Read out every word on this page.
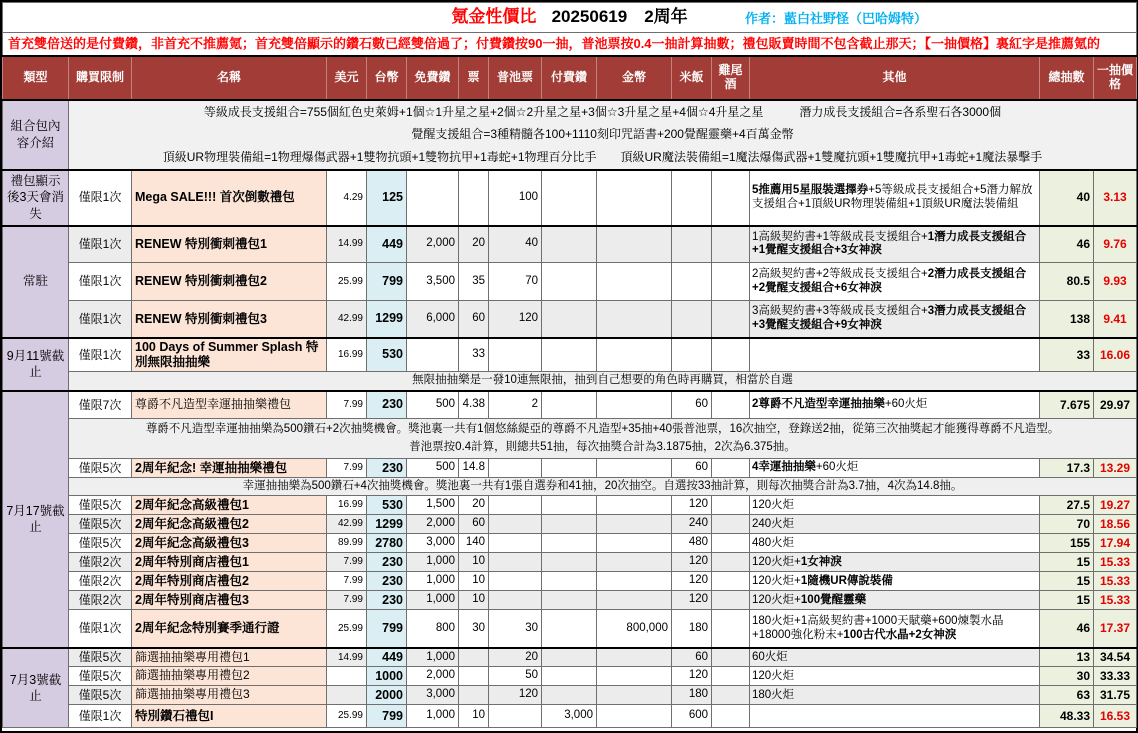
氪金性價比 20250619　2周年 作者：藍白社野怪（巴哈姆特）														

首充雙倍送的是付費鑽，非首充不推薦氪；首充雙倍顯示的鑽石數已經雙倍過了；付費鑽按90一抽，普池票按0.4一抽計算抽數；禮包販賣時間不包含截止那天；【一抽價格】裏紅字是推薦氪的														
類型	購買限制	名稱	美元	台幣	免費鑽	票	普池票	付費鑽	金幣	米飯	雞尾酒	其他	總抽數	一抽價格
組合包內容介紹	等級成長支援組合=755個紅色史萊姆+1個☆1升星之星+2個☆2升星之星+3個☆3升星之星+4個☆4升星之星　　　潛力成長支援組合=各系聖石各3000個
覺醒支援組合=3種精髓各100+1110刻印咒語書+200覺醒靈藥+4百萬金幣
頂級UR物理裝備組=1物理爆傷武器+1雙物抗頭+1雙物抗甲+1毒蛇+1物理百分比手　　頂級UR魔法裝備組=1魔法爆傷武器+1雙魔抗頭+1雙魔抗甲+1毒蛇+1魔法暴擊手													

禮包顯示後3天會消失	僅限1次	Mega SALE!!! 首次倒數禮包	4.29	125			100					5推薦用5星服裝選擇券+5等級成長支援組合+5潛力解放支援組合+1頂級UR物理裝備組+1頂級UR魔法裝備組	40	3.13
常駐	僅限1次	RENEW 特別衝刺禮包1	14.99	449	2,000	20	40					1高級契約書+1等級成長支援組合+1潛力成長支援組合+1覺醒支援組合+3女神淚	46	9.76
	僅限1次	RENEW 特別衝刺禮包2	25.99	799	3,500	35	70					2高級契約書+2等級成長支援組合+2潛力成長支援組合+2覺醒支援組合+6女神淚	80.5	9.93
	僅限1次	RENEW 特別衝刺禮包3	42.99	1299	6,000	60	120					3高級契約書+3等級成長支援組合+3潛力成長支援組合+3覺醒支援組合+9女神淚	138	9.41
9月11號截止	僅限1次	100 Days of Summer Splash 特別無限抽抽樂	16.99	530		33							33	16.06
	無限抽抽樂是一發10連無限抽，抽到自己想要的角色時再購買，相當於自選													
7月17號截止	僅限7次	尊爵不凡造型幸運抽抽樂禮包	7.99	230	500	4.38	2			60		2尊爵不凡造型幸運抽抽樂+60火炬	7.675	29.97

	尊爵不凡造型幸運抽抽樂為500鑽石+2次抽獎機會。獎池裏一共有1個悠絲緹亞的尊爵不凡造型+35抽+40張普池票，16次抽空，登錄送2抽，從第三次抽獎起才能獲得尊爵不凡造型。
普池票按0.4計算，則總共51抽，每次抽獎合計為3.1875抽，2次為6.375抽。													

	僅限5次	2周年紀念! 幸運抽抽樂禮包	7.99	230	500	14.8				60		4幸運抽抽樂+60火炬	17.3	13.29
	幸運抽抽樂為500鑽石+4次抽獎機會。獎池裏一共有1張自選券和41抽，20次抽空。自選按33抽計算，則每次抽獎合計為3.7抽，4次為14.8抽。													
	僅限5次	2周年紀念高級禮包1	16.99	530	1,500	20				120		120火炬	27.5	19.27
	僅限5次	2周年紀念高級禮包2	42.99	1299	2,000	60				240		240火炬	70	18.56
	僅限5次	2周年紀念高級禮包3	89.99	2780	3,000	140				480		480火炬	155	17.94
	僅限2次	2周年特別商店禮包1	7.99	230	1,000	10				120		120火炬+1女神淚	15	15.33
	僅限2次	2周年特別商店禮包2	7.99	230	1,000	10				120		120火炬+1隨機UR傳說裝備	15	15.33
	僅限2次	2周年特別商店禮包3	7.99	230	1,000	10				120		120火炬+100覺醒靈藥	15	15.33
	僅限1次	2周年紀念特別賽季通行證	25.99	799	800	30	30		800,000	180		180火炬+1高級契約書+1000天賦藥+600煉製水晶+18000強化粉末+100古代水晶+2女神淚	46	17.37
7月3號截止	僅限5次	篩選抽抽樂專用禮包1	14.99	449	1,000		20			60		60火炬	13	34.54
	僅限5次	篩選抽抽樂專用禮包2		1000	2,000		50			120		120火炬	30	33.33
	僅限5次	篩選抽抽樂專用禮包3		2000	3,000		120			180		180火炬	63	31.75
	僅限1次	特別鑽石禮包I	25.99	799	1,000	10		3,000		600			48.33	16.53
